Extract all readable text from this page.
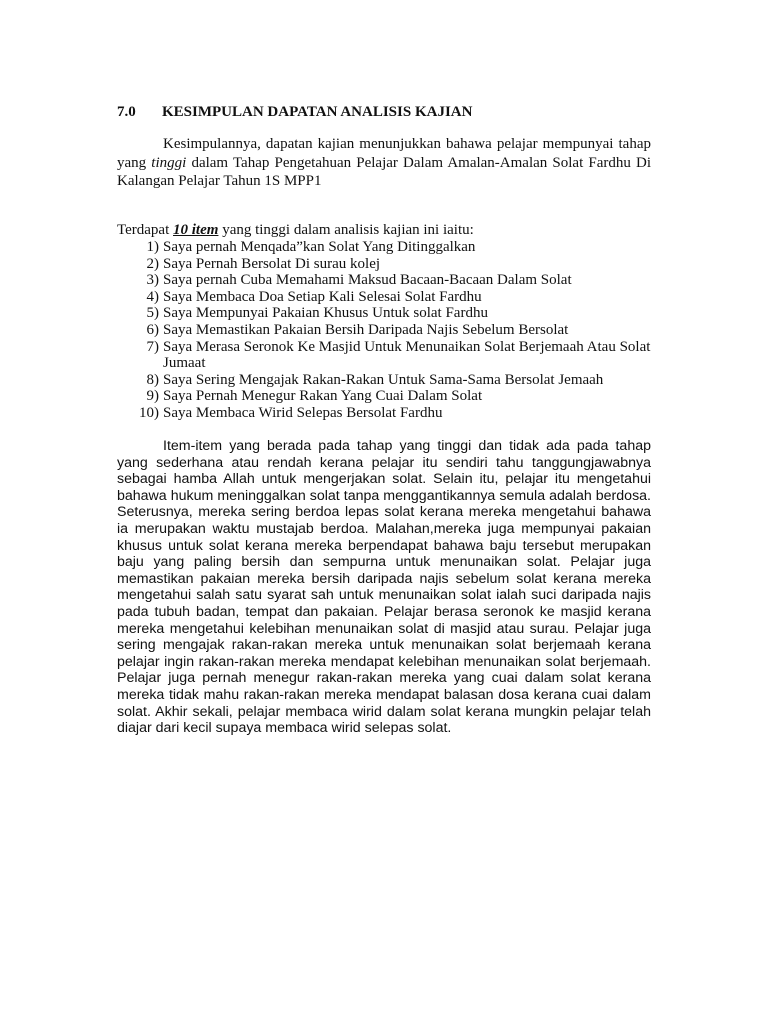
7.0 KESIMPULAN DAPATAN ANALISIS KAJIAN

Kesimpulannya, dapatan kajian menunjukkan bahawa pelajar mempunyai tahap yang tinggi dalam Tahap Pengetahuan Pelajar Dalam Amalan-Amalan Solat Fardhu Di Kalangan Pelajar Tahun 1S MPP1

Terdapat 10 item yang tinggi dalam analisis kajian ini iaitu:

1) Saya pernah Menqada”kan Solat Yang Ditinggalkan
2) Saya Pernah Bersolat Di surau kolej
3) Saya pernah Cuba Memahami Maksud Bacaan-Bacaan Dalam Solat
4) Saya Membaca Doa Setiap Kali Selesai Solat Fardhu
5) Saya Mempunyai Pakaian Khusus Untuk solat Fardhu
6) Saya Memastikan Pakaian Bersih Daripada Najis Sebelum Bersolat
7) Saya Merasa Seronok Ke Masjid Untuk Menunaikan Solat Berjemaah Atau Solat Jumaat
8) Saya Sering Mengajak Rakan-Rakan Untuk Sama-Sama Bersolat Jemaah
9) Saya Pernah Menegur Rakan Yang Cuai Dalam Solat
10) Saya Membaca Wirid Selepas Bersolat Fardhu

Item-item yang berada pada tahap yang tinggi dan tidak ada pada tahap yang sederhana atau rendah kerana pelajar itu sendiri tahu tanggungjawabnya sebagai hamba Allah untuk mengerjakan solat. Selain itu, pelajar itu mengetahui bahawa hukum meninggalkan solat tanpa menggantikannya semula adalah berdosa. Seterusnya, mereka sering berdoa lepas solat kerana mereka mengetahui bahawa ia merupakan waktu mustajab berdoa. Malahan,mereka juga mempunyai pakaian khusus untuk solat kerana mereka berpendapat bahawa baju tersebut merupakan baju yang paling bersih dan sempurna untuk menunaikan solat. Pelajar juga memastikan pakaian mereka bersih daripada najis sebelum solat kerana mereka mengetahui salah satu syarat sah untuk menunaikan solat ialah suci daripada najis pada tubuh badan, tempat dan pakaian. Pelajar berasa seronok ke masjid kerana mereka mengetahui kelebihan menunaikan solat di masjid atau surau. Pelajar juga sering mengajak rakan-rakan mereka untuk menunaikan solat berjemaah kerana pelajar ingin rakan-rakan mereka mendapat kelebihan menunaikan solat berjemaah. Pelajar juga pernah menegur rakan-rakan mereka yang cuai dalam solat kerana mereka tidak mahu rakan-rakan mereka mendapat balasan dosa kerana cuai dalam solat. Akhir sekali, pelajar membaca wirid dalam solat kerana mungkin pelajar telah diajar dari kecil supaya membaca wirid selepas solat.
